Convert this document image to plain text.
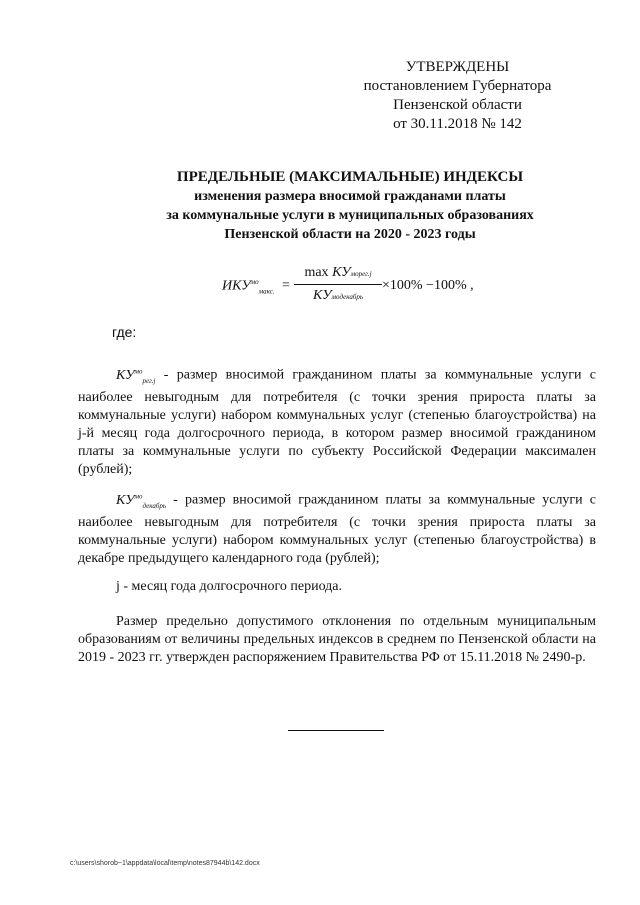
УТВЕРЖДЕНЫ
постановлением Губернатора
Пензенской области
от 30.11.2018 № 142
ПРЕДЕЛЬНЫЕ (МАКСИМАЛЬНЫЕ) ИНДЕКСЫ
изменения размера вносимой гражданами платы
за коммунальные услуги в муниципальных образованиях
Пензенской области на 2020 - 2023 годы
$ИКУ^{мо}_{макс.}$ =
max КУморег.j
КУмодекабрь
×100% −100% ,
где:
$КУ^{мо}_{рег.j}$ - размер вносимой гражданином платы за коммунальные услуги с наиболее невыгодным для потребителя (с точки зрения прироста платы за коммунальные услуги) набором коммунальных услуг (степенью благоустройства) на j-й месяц года долгосрочного периода, в котором размер вносимой гражданином платы за коммунальные услуги по субъекту Российской Федерации максимален (рублей);
$КУ^{мо}_{декабрь}$ - размер вносимой гражданином платы за коммунальные услуги с наиболее невыгодным для потребителя (с точки зрения прироста платы за коммунальные услуги) набором коммунальных услуг (степенью благоустройства) в декабре предыдущего календарного года (рублей);
j - месяц года долгосрочного периода.
Размер предельно допустимого отклонения по отдельным муниципальным образованиям от величины предельных индексов в среднем по Пензенской области на 2019 - 2023 гг. утвержден распоряжением Правительства РФ от 15.11.2018 № 2490-р.
c:\users\shorob~1\appdata\local\temp\notes87944b\142.docx
